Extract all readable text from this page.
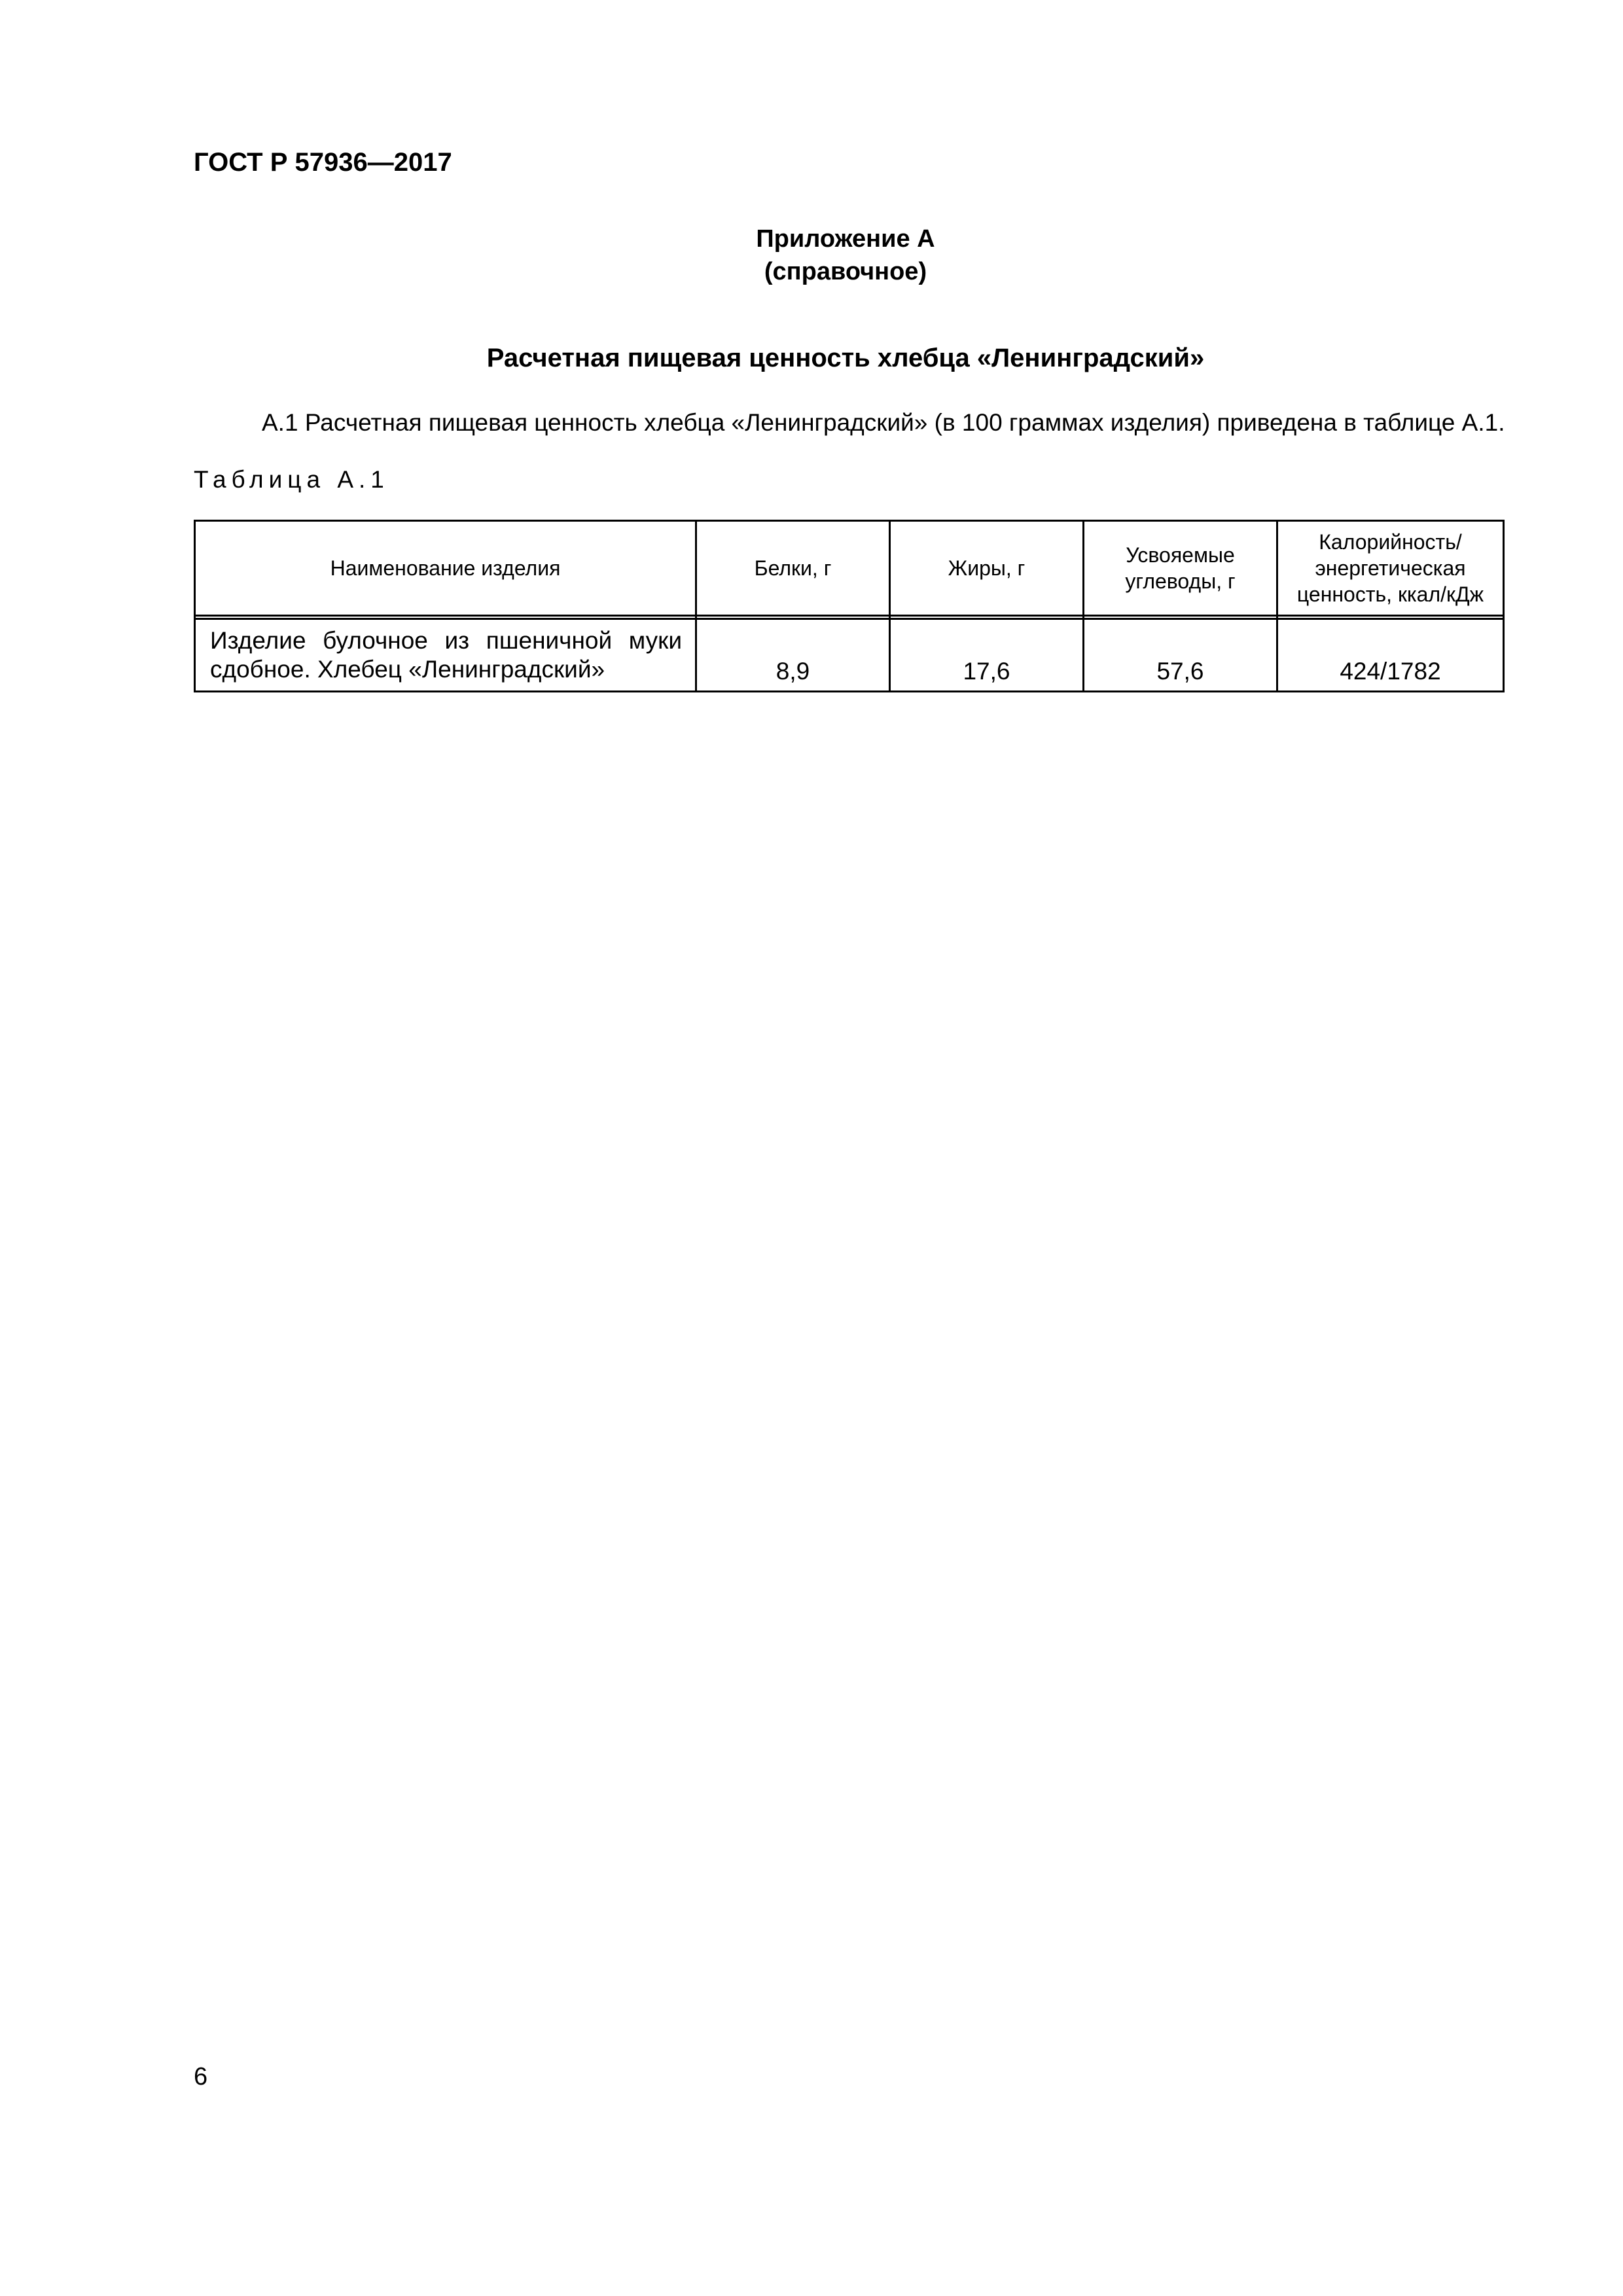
ГОСТ Р 57936—2017
Приложение А
(справочное)
Расчетная пищевая ценность хлебца «Ленинградский»
А.1 Расчетная пищевая ценность хлебца «Ленинградский» (в 100 граммах изделия) приведена в таблице А.1.
Таблица А.1
Наименование изделия	Белки, г	Жиры, г	Усвояемые углеводы, г	Калорийность/ энергетическая ценность, ккал/кДж

Изделие булочное из пшеничной муки сдобное. Хлебец «Ленинградский»	8,9	17,6	57,6	424/1782
6
